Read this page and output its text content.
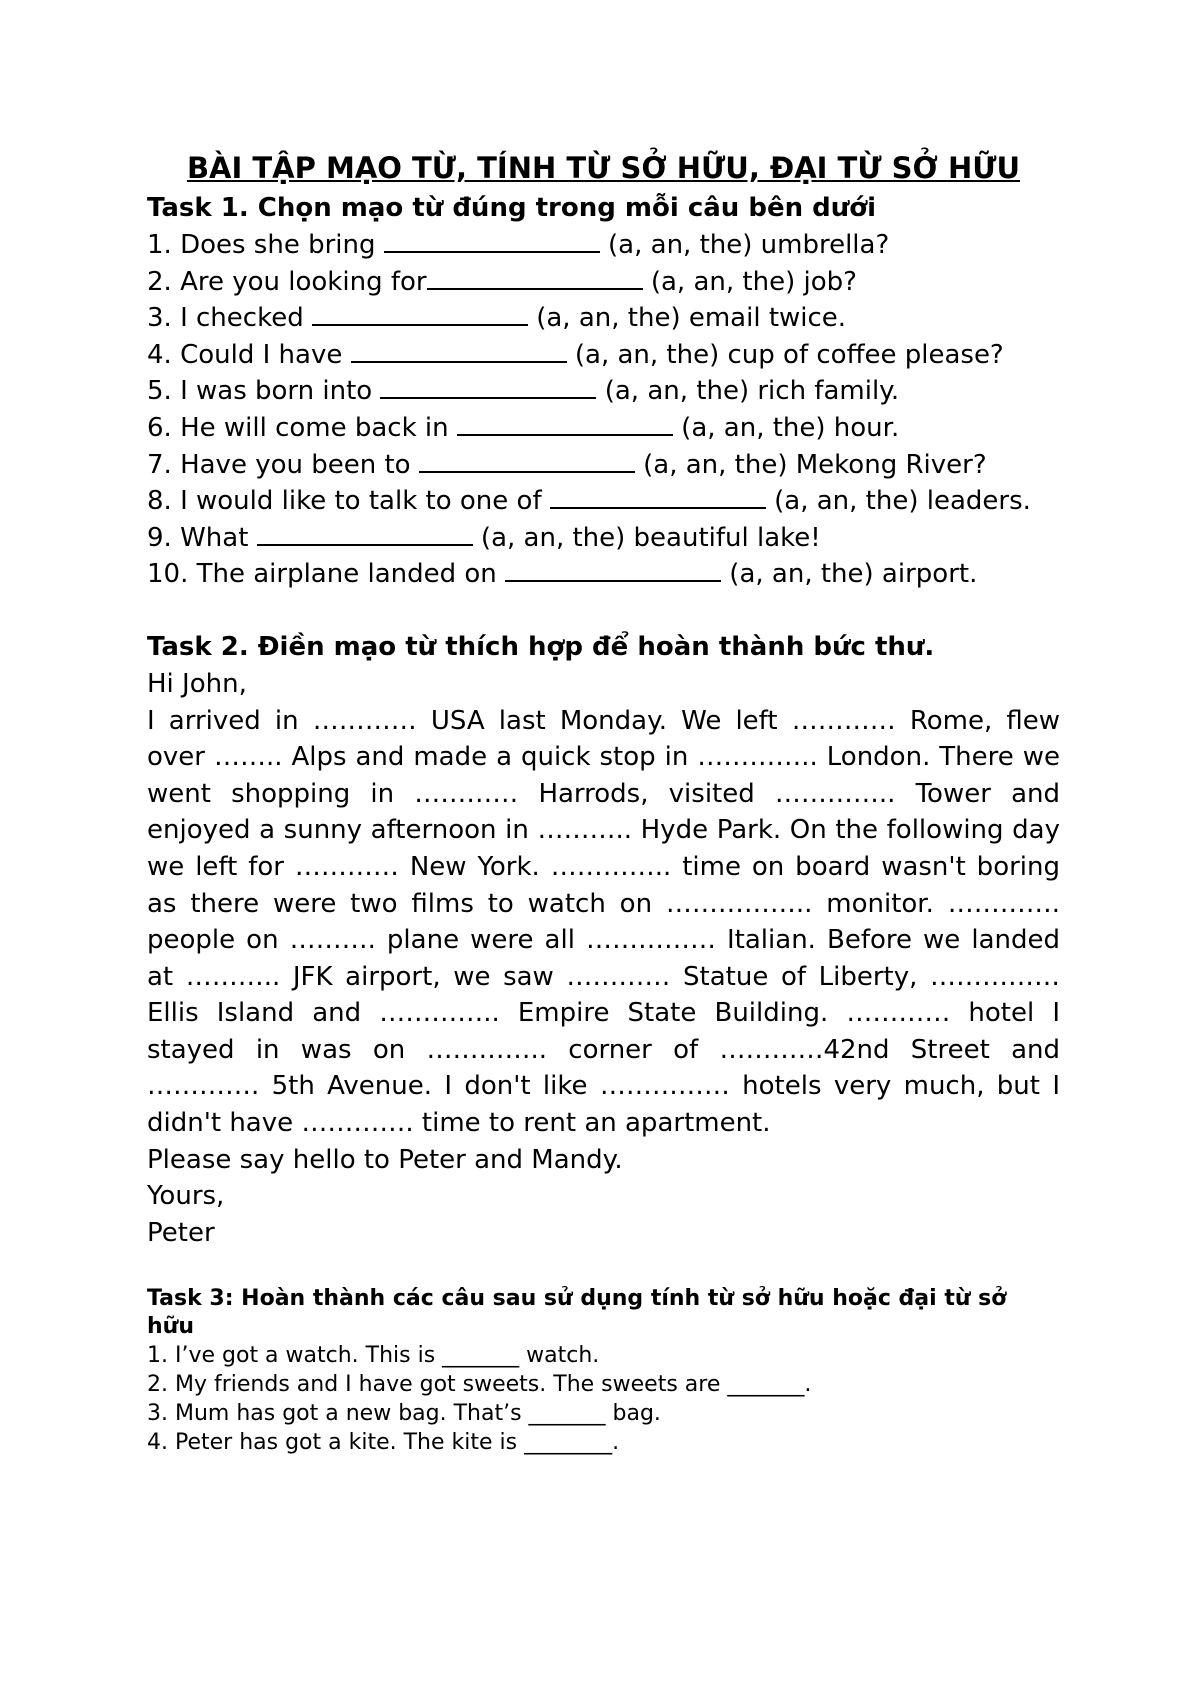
BÀI TẬP MẠO TỪ, TÍNH TỪ SỞ HỮU, ĐẠI TỪ SỞ HỮU

Task 1. Chọn mạo từ đúng trong mỗi câu bên dưới

1. Does she bring	(a, an, the) umbrella?

2. Are you looking for	(a, an, the) job?

3. I checked	(a, an, the) email twice.

4. Could I have	(a, an, the) cup of coffee please?

5. I was born into	(a, an, the) rich family.

6. He will come back in	(a, an, the) hour.

7. Have you been to	(a, an, the) Mekong River?

8. I would like to talk to one of	(a, an, the) leaders.

9. What	(a, an, the) beautiful lake!

10. The airplane landed on	(a, an, the) airport.

Task 2. Điền mạo từ thích hợp để hoàn thành bức thư.

Hi John,

I arrived in ………… USA last Monday. We left ………… Rome, flew over …….. Alps and made a quick stop in ………….. London. There we went shopping in ………… Harrods, visited ………….. Tower and enjoyed a sunny afternoon in ……….. Hyde Park. On the following day we left for ………… New York. ………….. time on board wasn't boring as there were two films to watch on …………….. monitor. …………. people on ………. plane were all …………… Italian. Before we landed at ……….. JFK airport, we saw ………… Statue of Liberty, …………… Ellis Island and ………….. Empire State Building. ………… hotel I stayed in was on ………….. corner of …………42nd Street and …………. 5th Avenue. I don't like …………… hotels very much, but I didn't have …………. time to rent an apartment.

Please say hello to Peter and Mandy.

Yours,

Peter

Task 3: Hoàn thành các câu sau sử dụng tính từ sở hữu hoặc đại từ sở hữu

1. I’ve got a watch. This is _______ watch.

2. My friends and I have got sweets. The sweets are _______.

3. Mum has got a new bag. That’s _______ bag.

4. Peter has got a kite. The kite is ________.
